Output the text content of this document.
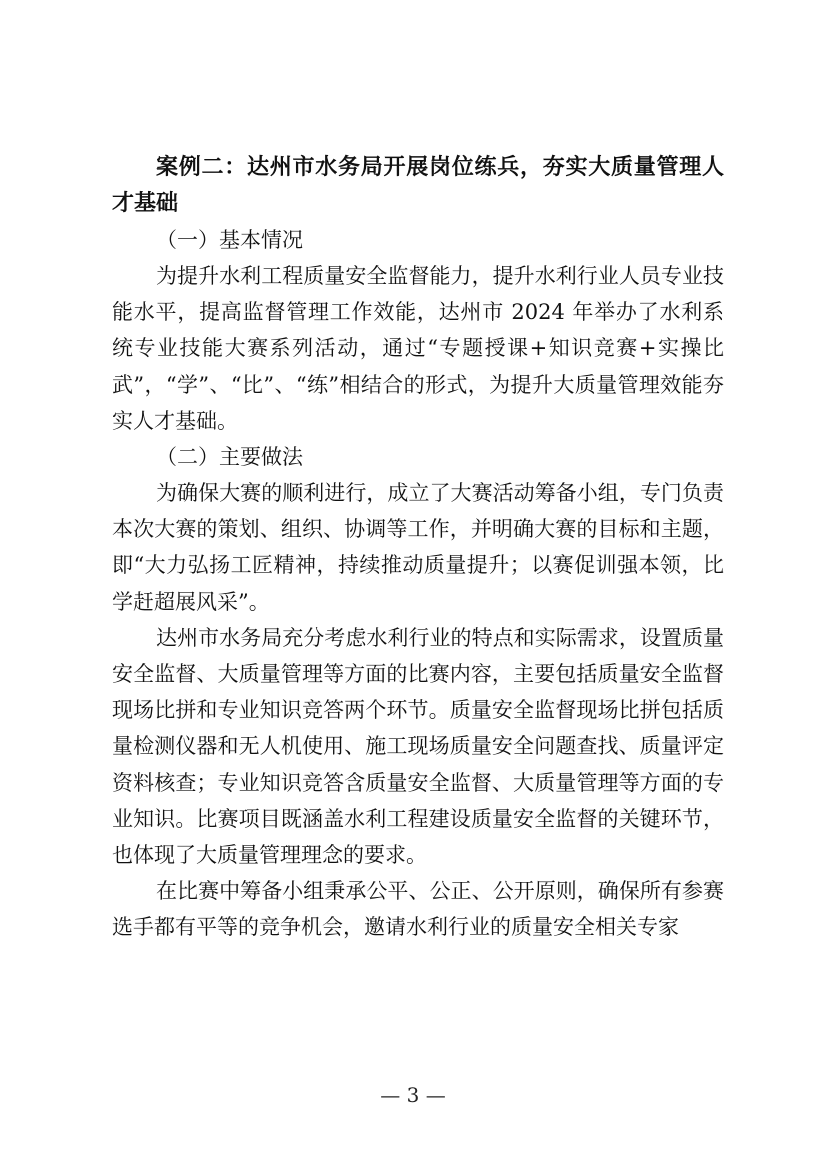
案例二：达州市水务局开展岗位练兵，夯实大质量管理人才基础

（一）基本情况

为提升水利工程质量安全监督能力，提升水利行业人员专业技能水平，提高监督管理工作效能，达州市 2024 年举办了水利系统专业技能大赛系列活动，通过“专题授课+知识竞赛+实操比武”，“学”、“比”、“练”相结合的形式，为提升大质量管理效能夯实人才基础。

（二）主要做法

为确保大赛的顺利进行，成立了大赛活动筹备小组，专门负责本次大赛的策划、组织、协调等工作，并明确大赛的目标和主题，即“大力弘扬工匠精神，持续推动质量提升；以赛促训强本领，比学赶超展风采”。

达州市水务局充分考虑水利行业的特点和实际需求，设置质量安全监督、大质量管理等方面的比赛内容，主要包括质量安全监督现场比拼和专业知识竞答两个环节。质量安全监督现场比拼包括质量检测仪器和无人机使用、施工现场质量安全问题查找、质量评定资料核查；专业知识竞答含质量安全监督、大质量管理等方面的专业知识。比赛项目既涵盖水利工程建设质量安全监督的关键环节，也体现了大质量管理理念的要求。

在比赛中筹备小组秉承公平、公正、公开原则，确保所有参赛选手都有平等的竞争机会，邀请水利行业的质量安全相关专家

— 3 —
